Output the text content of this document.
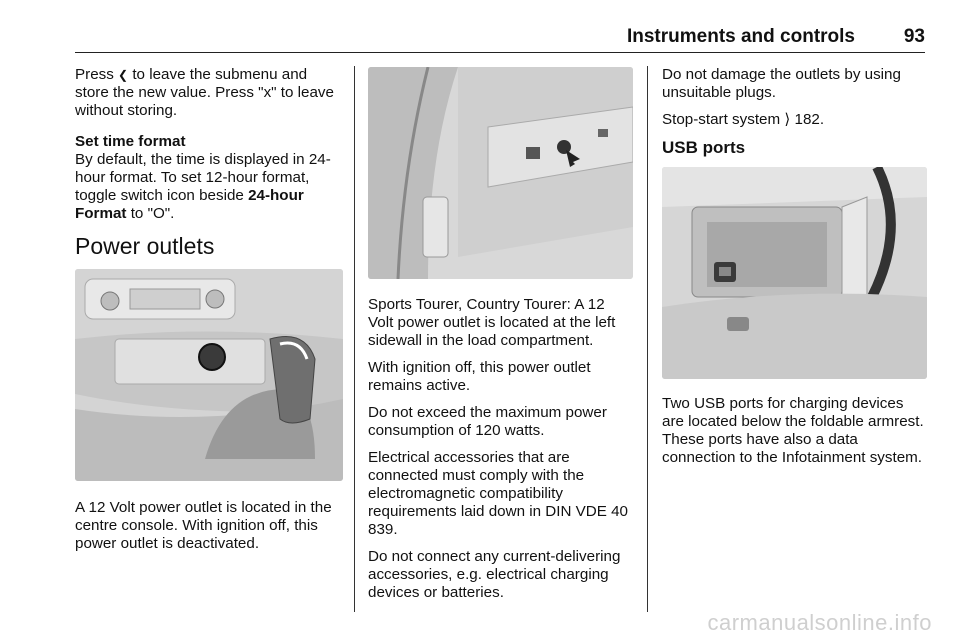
Instruments and controls	93

Press ❮ to leave the submenu and store the new value. Press "x" to leave without storing.

Set time format

By default, the time is displayed in 24-hour format. To set 12-hour format, toggle switch icon beside 24-hour Format to "O".

Power outlets

A 12 Volt power outlet is located in the centre console. With ignition off, this power outlet is deactivated.

Sports Tourer, Country Tourer: A 12 Volt power outlet is located at the left sidewall in the load compartment.

With ignition off, this power outlet remains active.

Do not exceed the maximum power consumption of 120 watts.

Electrical accessories that are connected must comply with the electromagnetic compatibility requirements laid down in DIN VDE 40 839.

Do not connect any current-delivering accessories, e.g. electrical charging devices or batteries.

Do not damage the outlets by using unsuitable plugs.

Stop-start system ⟩ 182.

USB ports

Two USB ports for charging devices are located below the foldable armrest. These ports have also a data connection to the Infotainment system.

carmanualsonline.info
